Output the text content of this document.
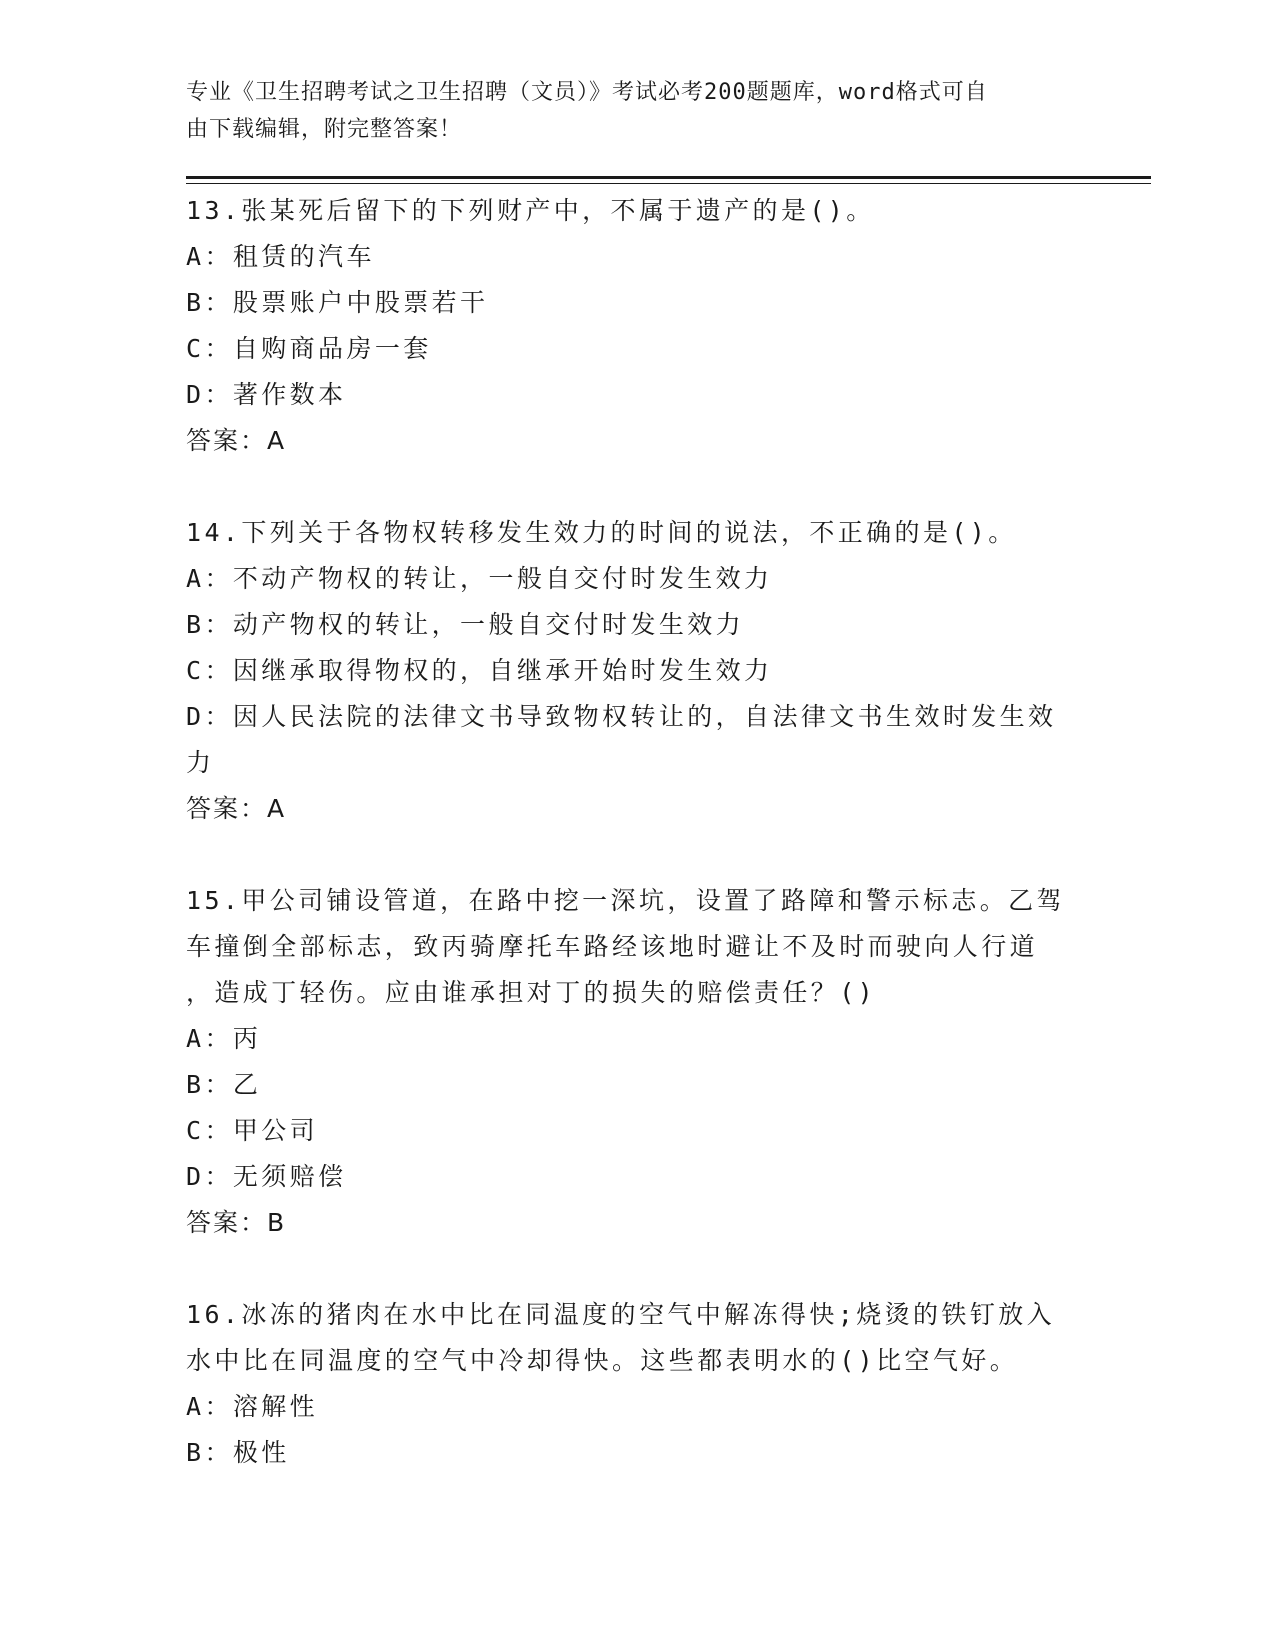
专业《卫生招聘考试之卫生招聘（文员）》考试必考200题题库，word格式可自
由下载编辑，附完整答案！
13.张某死后留下的下列财产中，不属于遗产的是()。
A：租赁的汽车
B：股票账户中股票若干
C：自购商品房一套
D：著作数本
答案：A
14.下列关于各物权转移发生效力的时间的说法，不正确的是()。
A：不动产物权的转让，一般自交付时发生效力
B：动产物权的转让，一般自交付时发生效力
C：因继承取得物权的，自继承开始时发生效力
D：因人民法院的法律文书导致物权转让的，自法律文书生效时发生效
力
答案：A
15.甲公司铺设管道，在路中挖一深坑，设置了路障和警示标志。乙驾
车撞倒全部标志，致丙骑摩托车路经该地时避让不及时而驶向人行道
，造成丁轻伤。应由谁承担对丁的损失的赔偿责任？()
A：丙
B：乙
C：甲公司
D：无须赔偿
答案：B
16.冰冻的猪肉在水中比在同温度的空气中解冻得快;烧烫的铁钉放入
水中比在同温度的空气中冷却得快。这些都表明水的()比空气好。
A：溶解性
B：极性
